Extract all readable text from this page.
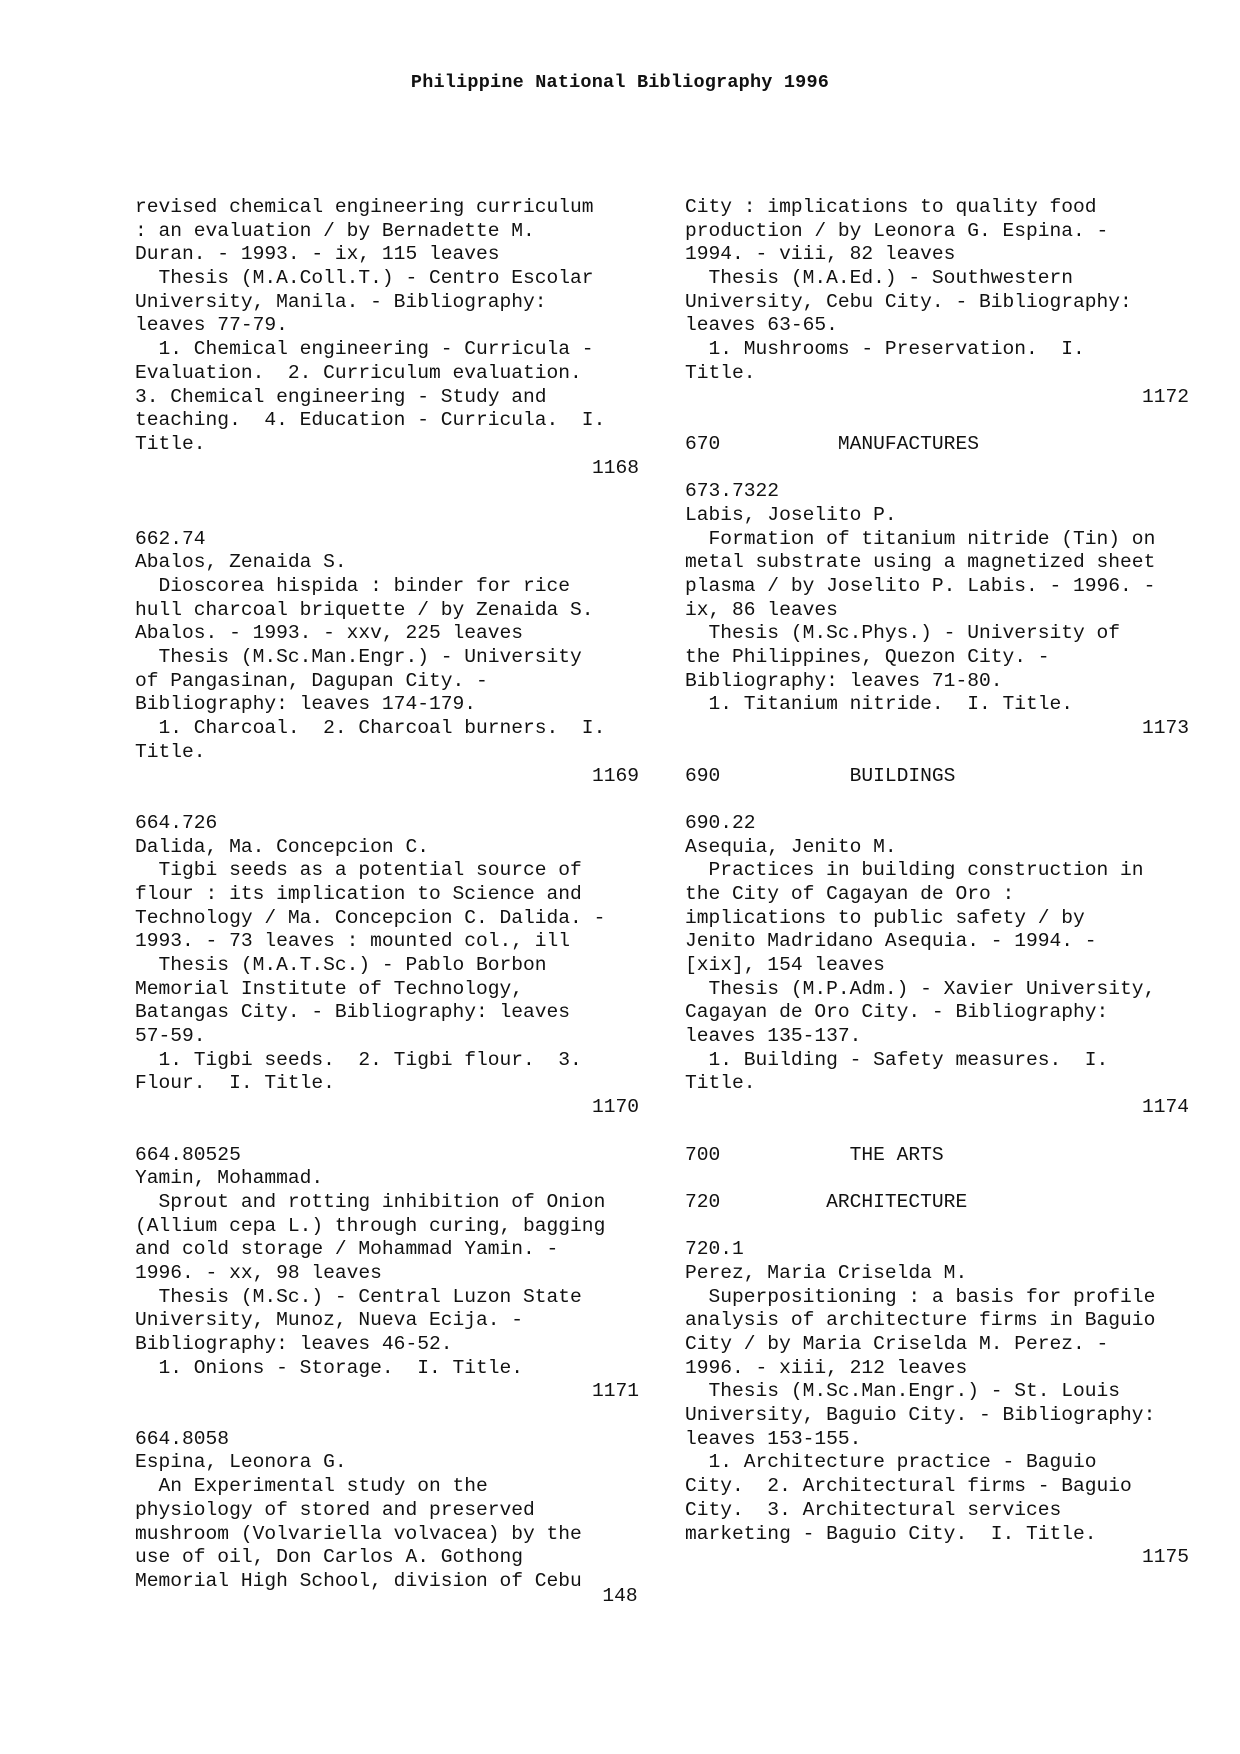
Philippine National Bibliography 1996
revised chemical engineering curriculum
: an evaluation / by Bernadette M.
Duran. - 1993. - ix, 115 leaves
Thesis (M.A.Coll.T.) - Centro Escolar
University, Manila. - Bibliography:
leaves 77-79.
1. Chemical engineering - Curricula -
Evaluation.  2. Curriculum evaluation.
3. Chemical engineering - Study and
teaching.  4. Education - Curricula.  I.
Title.
1168
662.74
Abalos, Zenaida S.
Dioscorea hispida : binder for rice
hull charcoal briquette / by Zenaida S.
Abalos. - 1993. - xxv, 225 leaves
Thesis (M.Sc.Man.Engr.) - University
of Pangasinan, Dagupan City. -
Bibliography: leaves 174-179.
1. Charcoal.  2. Charcoal burners.  I.
Title.
1169
664.726
Dalida, Ma. Concepcion C.
Tigbi seeds as a potential source of
flour : its implication to Science and
Technology / Ma. Concepcion C. Dalida. -
1993. - 73 leaves : mounted col., ill
Thesis (M.A.T.Sc.) - Pablo Borbon
Memorial Institute of Technology,
Batangas City. - Bibliography: leaves
57-59.
1. Tigbi seeds.  2. Tigbi flour.  3.
Flour.  I. Title.
1170
664.80525
Yamin, Mohammad.
Sprout and rotting inhibition of Onion
(Allium cepa L.) through curing, bagging
and cold storage / Mohammad Yamin. -
1996. - xx, 98 leaves
Thesis (M.Sc.) - Central Luzon State
University, Munoz, Nueva Ecija. -
Bibliography: leaves 46-52.
1. Onions - Storage.  I. Title.
1171
664.8058
Espina, Leonora G.
An Experimental study on the
physiology of stored and preserved
mushroom (Volvariella volvacea) by the
use of oil, Don Carlos A. Gothong
Memorial High School, division of Cebu
City : implications to quality food
production / by Leonora G. Espina. -
1994. - viii, 82 leaves
Thesis (M.A.Ed.) - Southwestern
University, Cebu City. - Bibliography:
leaves 63-65.
1. Mushrooms - Preservation.  I.
Title.
1172
670          MANUFACTURES
673.7322
Labis, Joselito P.
Formation of titanium nitride (Tin) on
metal substrate using a magnetized sheet
plasma / by Joselito P. Labis. - 1996. -
ix, 86 leaves
Thesis (M.Sc.Phys.) - University of
the Philippines, Quezon City. -
Bibliography: leaves 71-80.
1. Titanium nitride.  I. Title.
1173
690           BUILDINGS
690.22
Asequia, Jenito M.
Practices in building construction in
the City of Cagayan de Oro :
implications to public safety / by
Jenito Madridano Asequia. - 1994. -
[xix], 154 leaves
Thesis (M.P.Adm.) - Xavier University,
Cagayan de Oro City. - Bibliography:
leaves 135-137.
1. Building - Safety measures.  I.
Title.
1174
700           THE ARTS
720         ARCHITECTURE
720.1
Perez, Maria Criselda M.
Superpositioning : a basis for profile
analysis of architecture firms in Baguio
City / by Maria Criselda M. Perez. -
1996. - xiii, 212 leaves
Thesis (M.Sc.Man.Engr.) - St. Louis
University, Baguio City. - Bibliography:
leaves 153-155.
1. Architecture practice - Baguio
City.  2. Architectural firms - Baguio
City.  3. Architectural services
marketing - Baguio City.  I. Title.
1175
148
